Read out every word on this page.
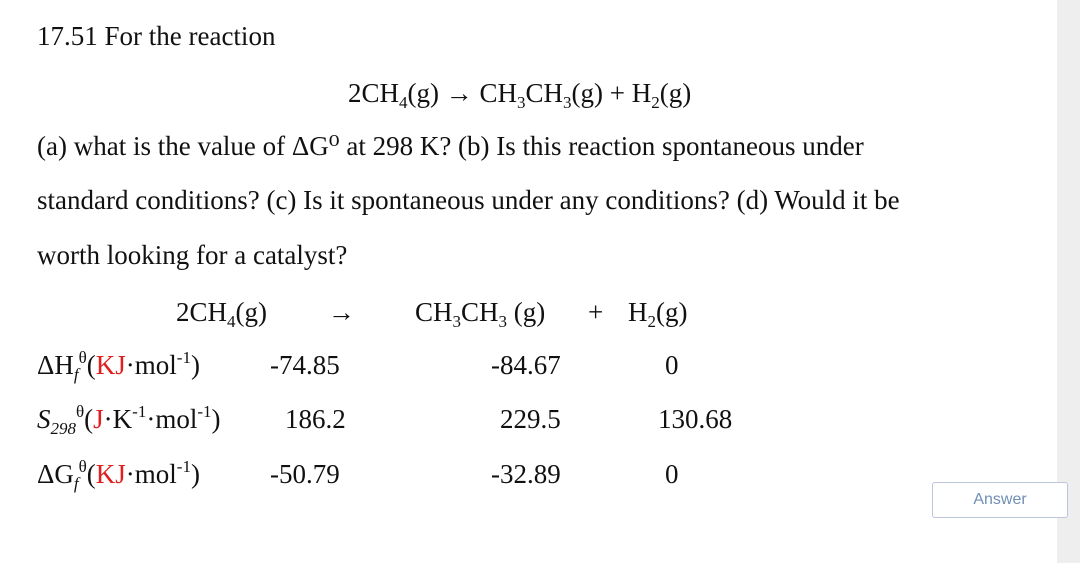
17.51 For the reaction
$2CH_4(g) \to CH_3CH_3(g) + H_2(g)$
(a) what is the value of ΔG⁰ at 298 K? (b) Is this reaction spontaneous under
standard conditions? (c) Is it spontaneous under any conditions? (d) Would it be
worth looking for a catalyst?
$2CH_4(g) \to CH_3CH_3$ $(g) + H_2(g)$
$\Delta H_f^\theta(KJ\cdot mol^{-1})$	-74.85	-84.67	0
$S_{298}^\theta(J\cdot K^{-1}\cdot mol^{-1})$ 186.2	229.5	130.68
$\Delta G_f^\theta(KJ\cdot mol^{-1})$	-50.79	-32.89	0
Answer
